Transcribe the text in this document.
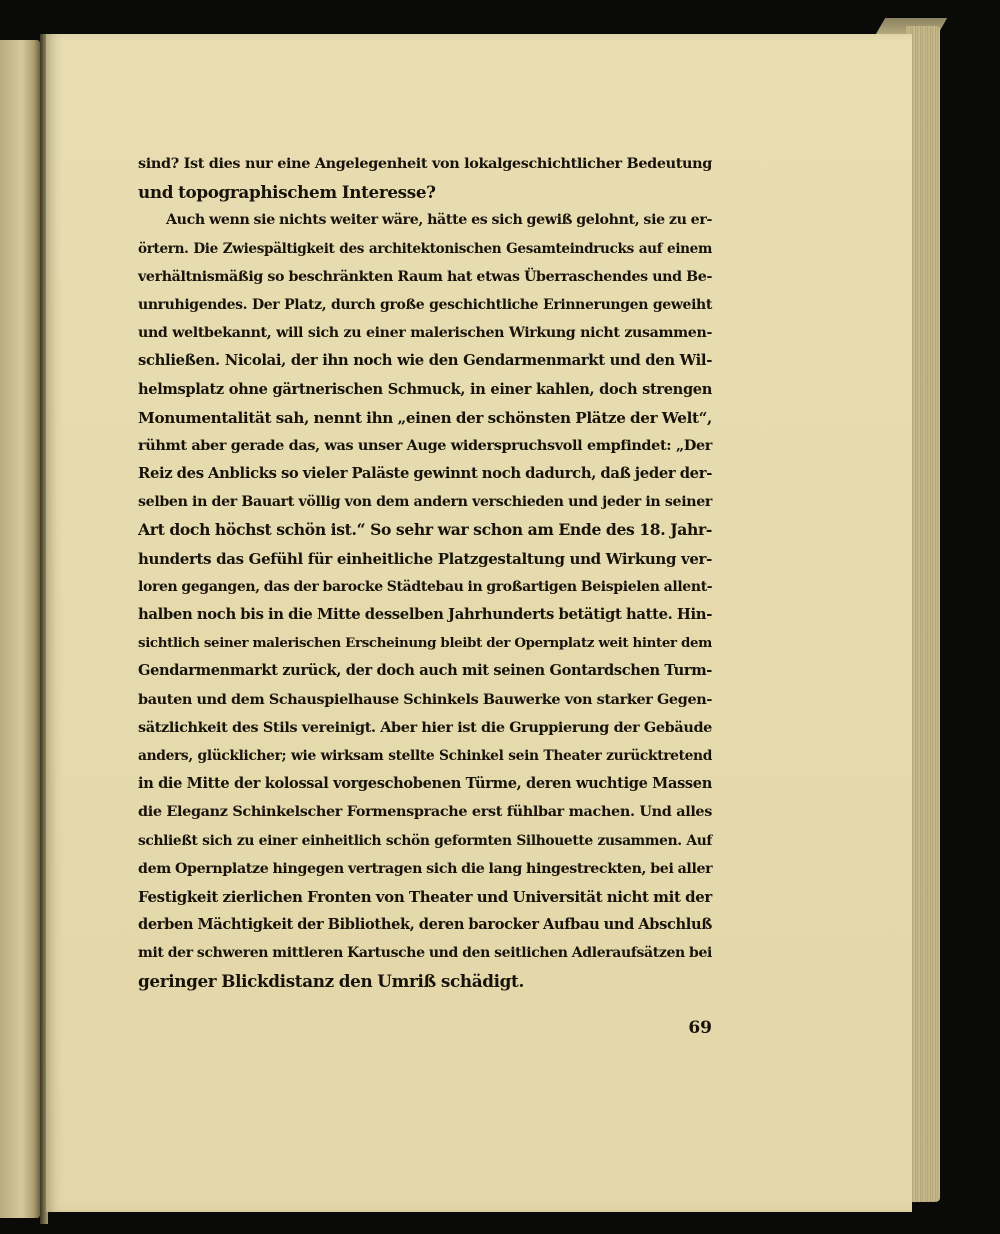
sind? Ist dies nur eine Angelegenheit von lokalgeschichtlicher Bedeutung
und topographischem Interesse?
Auch wenn sie nichts weiter wäre, hätte es sich gewiß gelohnt, sie zu er-
örtern. Die Zwiespältigkeit des architektonischen Gesamteindrucks auf einem
verhältnismäßig so beschränkten Raum hat etwas Überraschendes und Be-
unruhigendes. Der Platz, durch große geschichtliche Erinnerungen geweiht
und weltbekannt, will sich zu einer malerischen Wirkung nicht zusammen-
schließen. Nicolai, der ihn noch wie den Gendarmenmarkt und den Wil-
helmsplatz ohne gärtnerischen Schmuck, in einer kahlen, doch strengen
Monumentalität sah, nennt ihn „einen der schönsten Plätze der Welt“,
rühmt aber gerade das, was unser Auge widerspruchsvoll empfindet: „Der
Reiz des Anblicks so vieler Paläste gewinnt noch dadurch, daß jeder der-
selben in der Bauart völlig von dem andern verschieden und jeder in seiner
Art doch höchst schön ist.“ So sehr war schon am Ende des 18. Jahr-
hunderts das Gefühl für einheitliche Platzgestaltung und Wirkung ver-
loren gegangen, das der barocke Städtebau in großartigen Beispielen allent-
halben noch bis in die Mitte desselben Jahrhunderts betätigt hatte. Hin-
sichtlich seiner malerischen Erscheinung bleibt der Opernplatz weit hinter dem
Gendarmenmarkt zurück, der doch auch mit seinen Gontardschen Turm-
bauten und dem Schauspielhause Schinkels Bauwerke von starker Gegen-
sätzlichkeit des Stils vereinigt. Aber hier ist die Gruppierung der Gebäude
anders, glücklicher; wie wirksam stellte Schinkel sein Theater zurücktretend
in die Mitte der kolossal vorgeschobenen Türme, deren wuchtige Massen
die Eleganz Schinkelscher Formensprache erst fühlbar machen. Und alles
schließt sich zu einer einheitlich schön geformten Silhouette zusammen. Auf
dem Opernplatze hingegen vertragen sich die lang hingestreckten, bei aller
Festigkeit zierlichen Fronten von Theater und Universität nicht mit der
derben Mächtigkeit der Bibliothek, deren barocker Aufbau und Abschluß
mit der schweren mittleren Kartusche und den seitlichen Adleraufsätzen bei
geringer Blickdistanz den Umriß schädigt.
69
